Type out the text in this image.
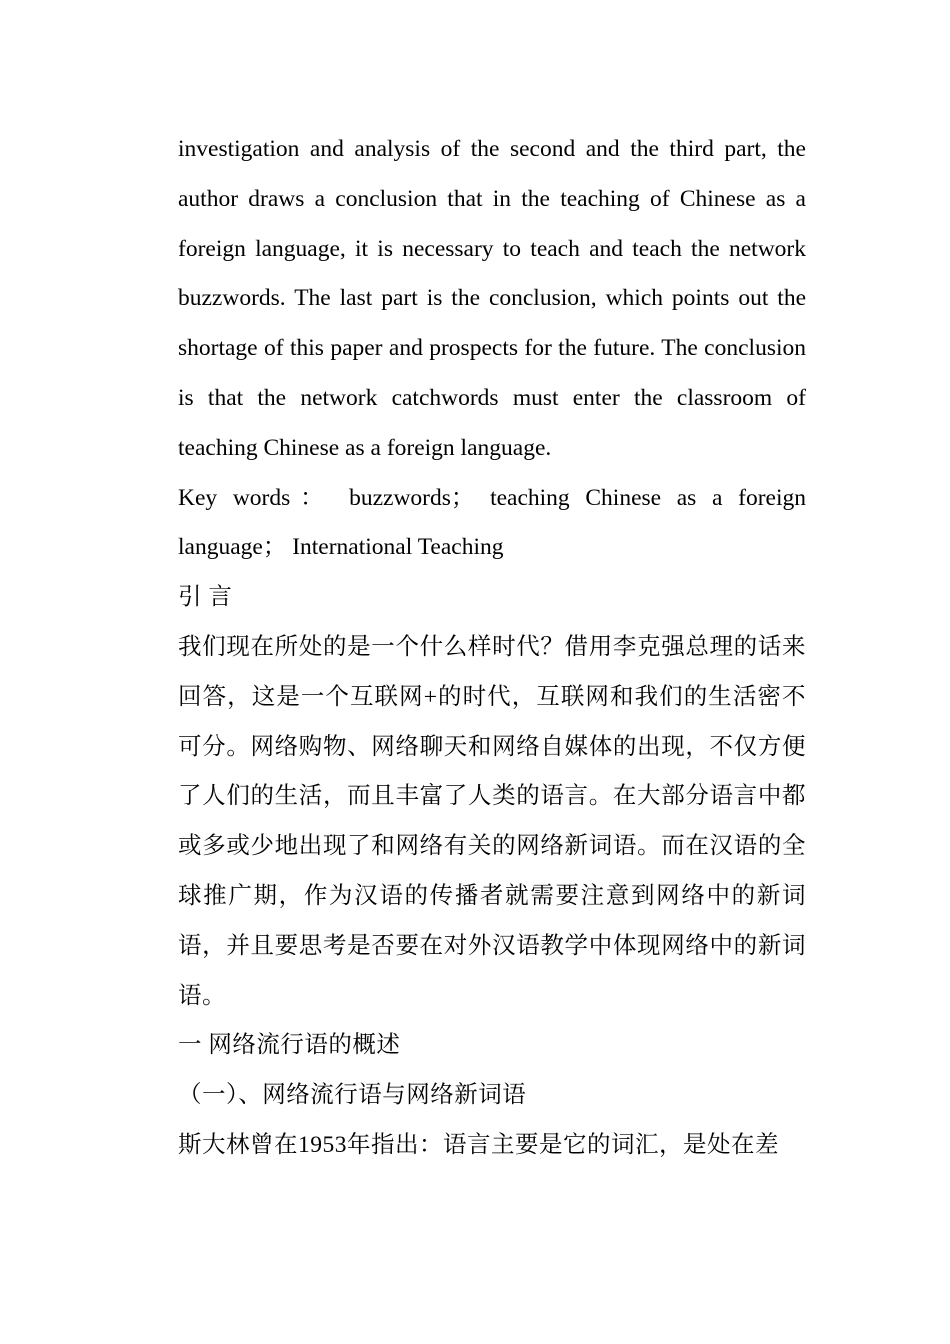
investigation and analysis of the second and the third part, the author draws a conclusion that in the teaching of Chinese as a foreign language, it is necessary to teach and teach the network buzzwords. The last part is the conclusion, which points out the shortage of this paper and prospects for the future. The conclusion is that the network catchwords must enter the classroom of teaching Chinese as a foreign language.

Key words： buzzwords； teaching Chinese as a foreign language； International Teaching

引 言

我们现在所处的是一个什么样时代？借用李克强总理的话来回答，这是一个互联网+的时代，互联网和我们的生活密不可分。网络购物、网络聊天和网络自媒体的出现，不仅方便了人们的生活，而且丰富了人类的语言。在大部分语言中都或多或少地出现了和网络有关的网络新词语。而在汉语的全球推广期，作为汉语的传播者就需要注意到网络中的新词语，并且要思考是否要在对外汉语教学中体现网络中的新词语。

一 网络流行语的概述

（一）、网络流行语与网络新词语

斯大林曾在1953年指出：语言主要是它的词汇，是处在差
